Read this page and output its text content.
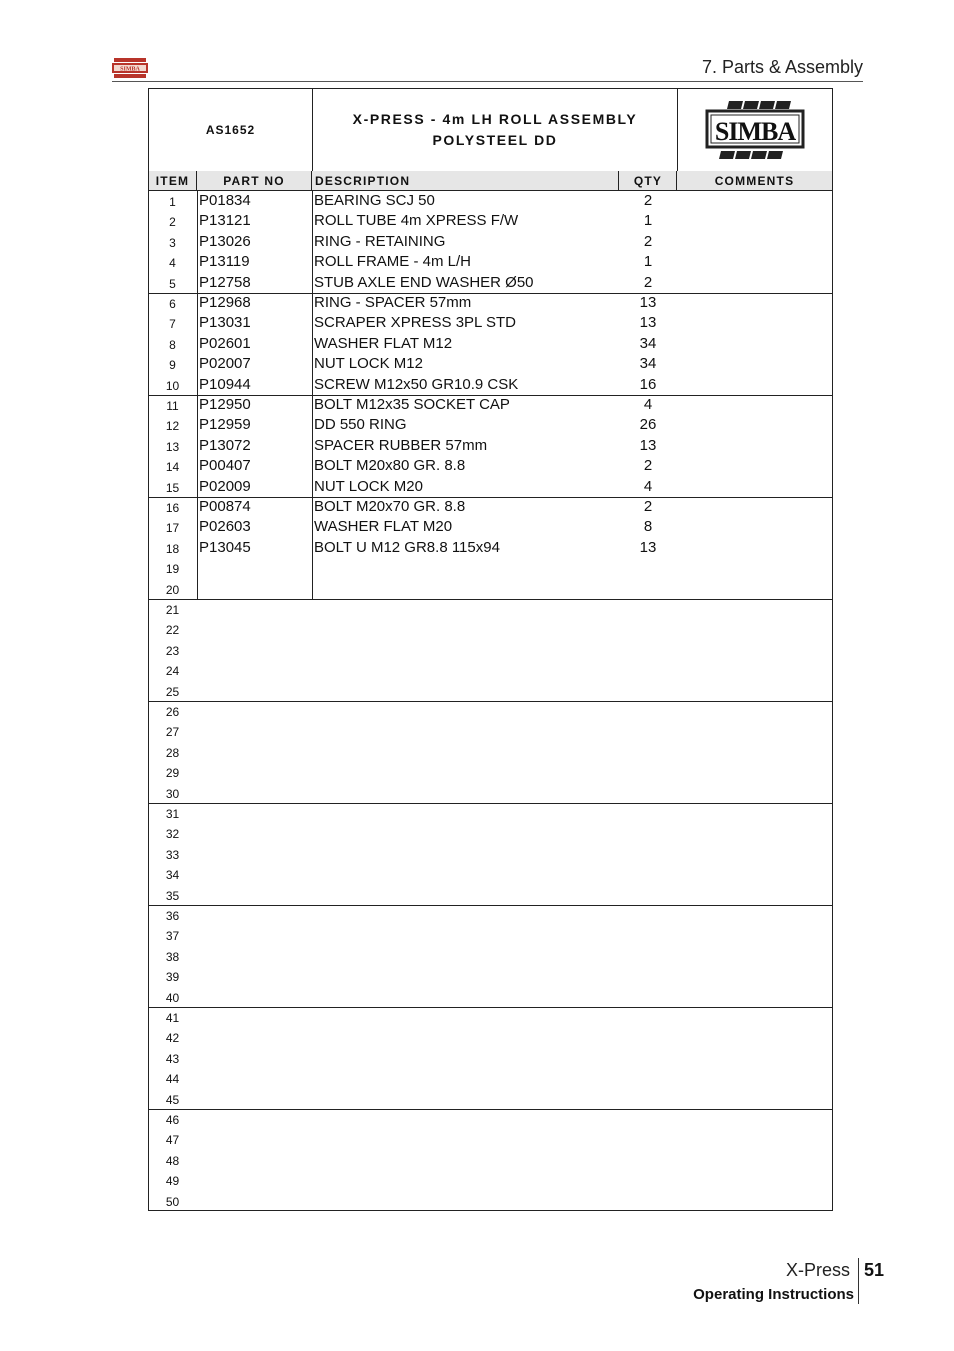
SIMBA	7. Parts & Assembly
AS1652
X-PRESS - 4m LH ROLL ASSEMBLY
POLYSTEEL DD	SIMBA
ITEM	PART NO	DESCRIPTION	QTY	COMMENTS
1	P01834	BEARING SCJ 50	2
2	P13121	ROLL TUBE 4m XPRESS F/W	1
3	P13026	RING - RETAINING	2
4	P13119	ROLL FRAME - 4m L/H	1
5	P12758	STUB AXLE END WASHER Ø50	2
6	P12968	RING - SPACER 57mm	13
7	P13031	SCRAPER XPRESS 3PL STD	13
8	P02601	WASHER FLAT M12	34
9	P02007	NUT LOCK M12	34
10	P10944	SCREW M12x50 GR10.9 CSK	16
11	P12950	BOLT M12x35 SOCKET CAP	4
12	P12959	DD 550 RING	26
13	P13072	SPACER RUBBER 57mm	13
14	P00407	BOLT M20x80 GR. 8.8	2
15	P02009	NUT LOCK M20	4
16	P00874	BOLT M20x70 GR. 8.8	2
17	P02603	WASHER FLAT M20	8
18	P13045	BOLT U M12 GR8.8 115x94	13
19
20
21
22
23
24
25
26
27
28
29
30
31
32
33
34
35
36
37
38
39
40
41
42
43
44
45
46
47
48
49
50
X-Press 51
Operating Instructions
